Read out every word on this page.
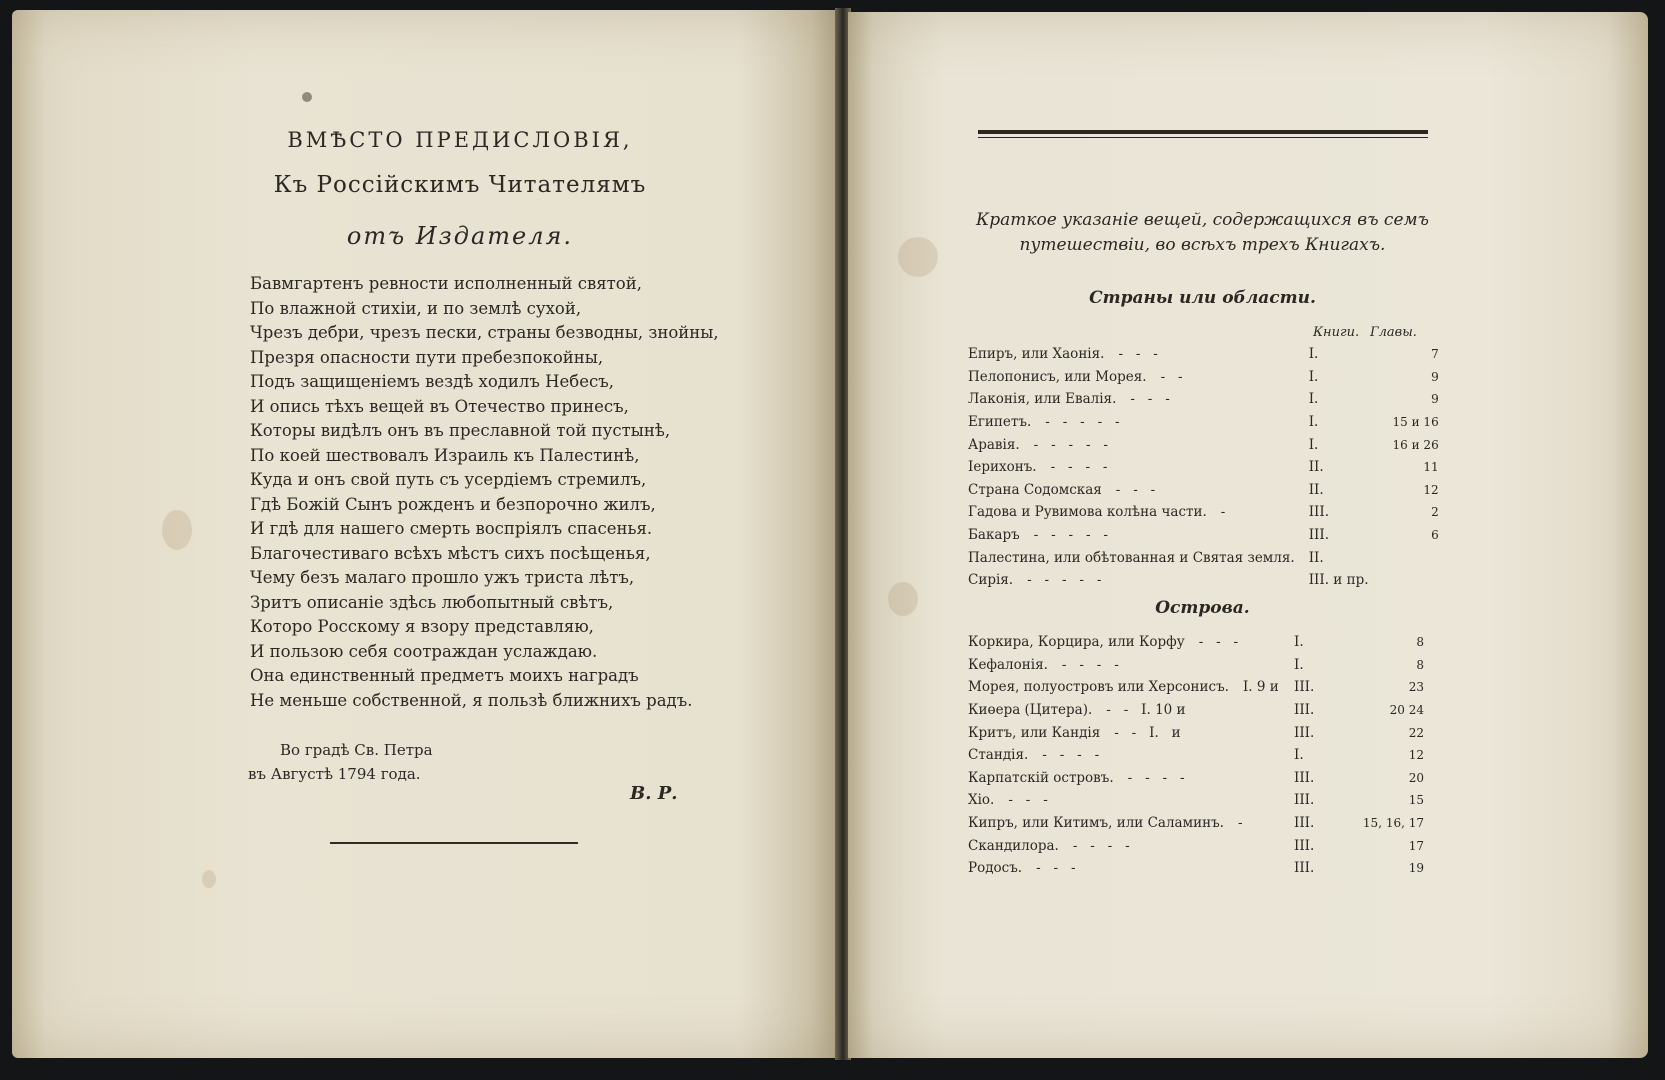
ВМѢСТО ПРЕДИСЛОВІЯ,
Къ Россійскимъ Читателямъ
отъ Издателя.
Бавмгартенъ ревности исполненный святой,
По влажной стихіи, и по землѣ сухой,
Чрезъ дебри, чрезъ пески, страны безводны, знойны,
Презря опасности пути пребезпокойны,
Подъ защищеніемъ вездѣ ходилъ Небесъ,
И опись тѣхъ вещей въ Отечество принесъ,
Которы видѣлъ онъ въ преславной той пустынѣ,
По коей шествовалъ Израиль къ Палестинѣ,
Куда и онъ свой путь съ усердіемъ стремилъ,
Гдѣ Божій Сынъ рожденъ и безпорочно жилъ,
И гдѣ для нашего смерть воспріялъ спасенья.
Благочестиваго всѣхъ мѣстъ сихъ посѣщенья,
Чему безъ малаго прошло ужъ триста лѣтъ,
Зритъ описаніе здѣсь любопытный свѣтъ,
Которо Росскому я взору представляю,
И пользою себя соотраждан услаждаю.
Она единственный предметъ моихъ наградъ
Не меньше собственной, я пользѣ ближнихъ радъ.
Во градѣ Св. Петра
въ Августѣ 1794 года.
В. Р.
Краткое указаніе вещей, содержащихся въ семъ путешествіи, во всѣхъ трехъ Книгахъ.
Страны или области.
Книги. Главы.
Епиръ, или Хаонія. -   -   -	I.	7
Пелопонисъ, или Морея. -   -	I.	9
Лаконія, или Евалія. -   -   -	I.	9
Египетъ. -   -   -   -   -	I.	15 и 16
Аравія. -   -   -   -   -	I.	16 и 26
Іерихонъ. -   -   -   -	II.	11
Страна Содомская -   -   -	II.	12
Гадова и Рувимова колѣна части. -	III.	2
Бакаръ -   -   -   -   -	III.	6
Палестина, или обѣтованная и Святая земля.	II.	
Сирія. -   -   -   -   -	III. и пр.	
Острова.
Коркира, Корцира, или Корфу -   -   -	I.	8
Кефалонія. -   -   -   -	I.	8
Морея, полуостровъ или Херсонисъ. I. 9 и	III.	23
Киөера (Цитера). -   -   I. 10 и	III.	20 24
Критъ, или Кандія -   -   I.   и	III.	22
Стандія. -   -   -   -	I.	12
Карпатскій островъ. -   -   -   -	III.	20
Хіо. -   -   -	III.	15
Кипръ, или Китимъ, или Саламинъ. -	III.	15, 16, 17
Скандилора. -   -   -   -	III.	17
Родосъ. -   -   -	III.	19
